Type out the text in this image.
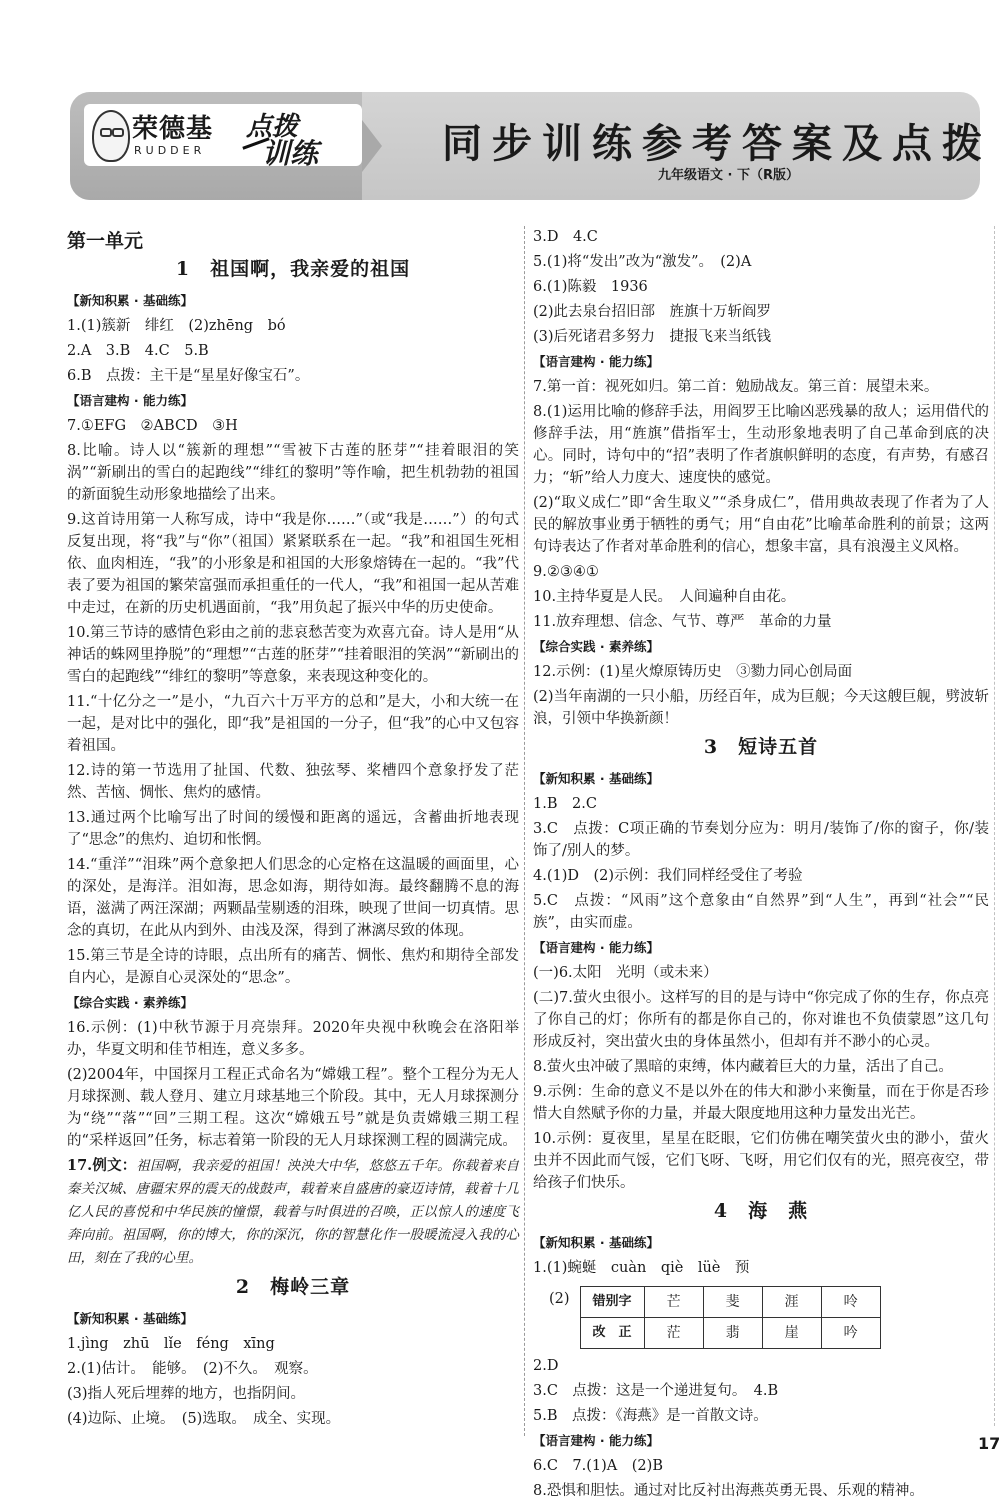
荣德基
RUDDER
点拨
训练	同步训练参考答案及点拨
九年级语文 · 下（R版）
第一单元
1　祖国啊，我亲爱的祖国
【新知积累 · 基础练】
1.(1)簇新　绯红　(2)zhēng　bó
2.A　3.B　4.C　5.B
6.B　点拨：主干是“星星好像宝石”。
【语言建构 · 能力练】
7.①EFG　②ABCD　③H
8.比喻。诗人以“簇新的理想”“雪被下古莲的胚芽”“挂着眼泪的笑涡”“新刷出的雪白的起跑线”“绯红的黎明”等作喻，把生机勃勃的祖国的新面貌生动形象地描绘了出来。
9.这首诗用第一人称写成，诗中“我是你……”（或“我是……”）的句式反复出现，将“我”与“你”（祖国）紧紧联系在一起。“我”和祖国生死相依、血肉相连，“我”的小形象是和祖国的大形象熔铸在一起的。“我”代表了要为祖国的繁荣富强而承担重任的一代人，“我”和祖国一起从苦难中走过，在新的历史机遇面前，“我”用负起了振兴中华的历史使命。
10.第三节诗的感情色彩由之前的悲哀愁苦变为欢喜亢奋。诗人是用“从神话的蛛网里挣脱”的“理想”“古莲的胚芽”“挂着眼泪的笑涡”“新刷出的雪白的起跑线”“绯红的黎明”等意象，来表现这种变化的。
11.“十亿分之一”是小，“九百六十万平方的总和”是大，小和大统一在一起，是对比中的强化，即“我”是祖国的一分子，但“我”的心中又包容着祖国。
12.诗的第一节选用了扯国、代数、独弦琴、桨槽四个意象抒发了茫然、苦恼、惆怅、焦灼的感情。
13.通过两个比喻写出了时间的缓慢和距离的遥远，含蓄曲折地表现了“思念”的焦灼、迫切和怅惘。
14.“重洋”“泪珠”两个意象把人们思念的心定格在这温暖的画面里，心的深处，是海洋。泪如海，思念如海，期待如海。最终翻腾不息的海语，滋满了两汪深湖；两颗晶莹剔透的泪珠，映现了世间一切真情。思念的真切，在此从内到外、由浅及深，得到了淋漓尽致的体现。
15.第三节是全诗的诗眼，点出所有的痛苦、惆怅、焦灼和期待全部发自内心，是源自心灵深处的“思念”。
【综合实践 · 素养练】
16.示例：(1)中秋节源于月亮崇拜。2020年央视中秋晚会在洛阳举办，华夏文明和佳节相连，意义多多。
(2)2004年，中国探月工程正式命名为“嫦娥工程”。整个工程分为无人月球探测、载人登月、建立月球基地三个阶段。其中，无人月球探测分为“绕”“落”“回”三期工程。这次“嫦娥五号”就是负责嫦娥三期工程的“采样返回”任务，标志着第一阶段的无人月球探测工程的圆满完成。
17.例文：祖国啊，我亲爱的祖国！泱泱大中华，悠悠五千年。你载着来自秦关汉城、唐疆宋界的震天的战鼓声，载着来自盛唐的豪迈诗情，载着十几亿人民的喜悦和中华民族的憧憬，载着与时俱进的召唤，正以惊人的速度飞奔向前。祖国啊，你的博大，你的深沉，你的智慧化作一股暖流浸入我的心田，刻在了我的心里。
2　梅岭三章
【新知积累 · 基础练】
1.jìng　zhū　lǐe　féng　xīng
2.(1)估计。　能够。　(2)不久。　观察。
(3)指人死后埋葬的地方，也指阴间。
(4)边际、止境。　(5)选取。　成全、实现。
3.D　4.C
5.(1)将“发出”改为“激发”。　(2)A
6.(1)陈毅　1936
(2)此去泉台招旧部　旌旗十万斩阎罗
(3)后死诸君多努力　捷报飞来当纸钱
【语言建构 · 能力练】
7.第一首：视死如归。第二首：勉励战友。第三首：展望未来。
8.(1)运用比喻的修辞手法，用阎罗王比喻凶恶残暴的敌人；运用借代的修辞手法，用“旌旗”借指军士，生动形象地表明了自己革命到底的决心。同时，诗句中的“招”表明了作者旗帜鲜明的态度，有声势，有感召力；“斩”给人力度大、速度快的感觉。
(2)“取义成仁”即“舍生取义”“杀身成仁”，借用典故表现了作者为了人民的解放事业勇于牺牲的勇气；用“自由花”比喻革命胜利的前景；这两句诗表达了作者对革命胜利的信心，想象丰富，具有浪漫主义风格。
9.②③④①
10.主持华夏是人民。　人间遍种自由花。
11.放弃理想、信念、气节、尊严　革命的力量
【综合实践 · 素养练】
12.示例：(1)星火燎原铸历史　③勠力同心创局面
(2)当年南湖的一只小船，历经百年，成为巨舰；今天这艘巨舰，劈波斩浪，引领中华换新颜！
3　短诗五首
【新知积累 · 基础练】
1.B　2.C
3.C　点拨：C项正确的节奏划分应为：明月/装饰了/你的窗子，你/装饰了/别人的梦。
4.(1)D　(2)示例：我们同样经受住了考验
5.C　点拨：“风雨”这个意象由“自然界”到“人生”，再到“社会”“民族”，由实而虚。
【语言建构 · 能力练】
(一)6.太阳　光明（或未来）
(二)7.萤火虫很小。这样写的目的是与诗中“你完成了你的生存，你点亮了你自己的灯；你所有的都是你自己的，你对谁也不负债蒙恩”这几句形成反衬，突出萤火虫的身体虽然小，但却有并不渺小的心灵。
8.萤火虫冲破了黑暗的束缚，体内藏着巨大的力量，活出了自己。
9.示例：生命的意义不是以外在的伟大和渺小来衡量，而在于你是否珍惜大自然赋予你的力量，并最大限度地用这种力量发出光芒。
10.示例：夏夜里，星星在眨眼，它们仿佛在嘲笑萤火虫的渺小，萤火虫并不因此而气馁，它们飞呀、飞呀，用它们仅有的光，照亮夜空，带给孩子们快乐。
4　海　燕
【新知积累 · 基础练】
1.(1)蜿蜒　cuàn　qiè　lüè　预
(2) 错别字	芒	斐	涯	呤
改　正	茫	翡	崖	吟
2.D
3.C　点拨：这是一个递进复句。　4.B
5.B　点拨：《海燕》是一首散文诗。
【语言建构 · 能力练】
6.C　7.(1)A　(2)B
8.恐惧和胆怯。通过对比反衬出海燕英勇无畏、乐观的精神。
17
